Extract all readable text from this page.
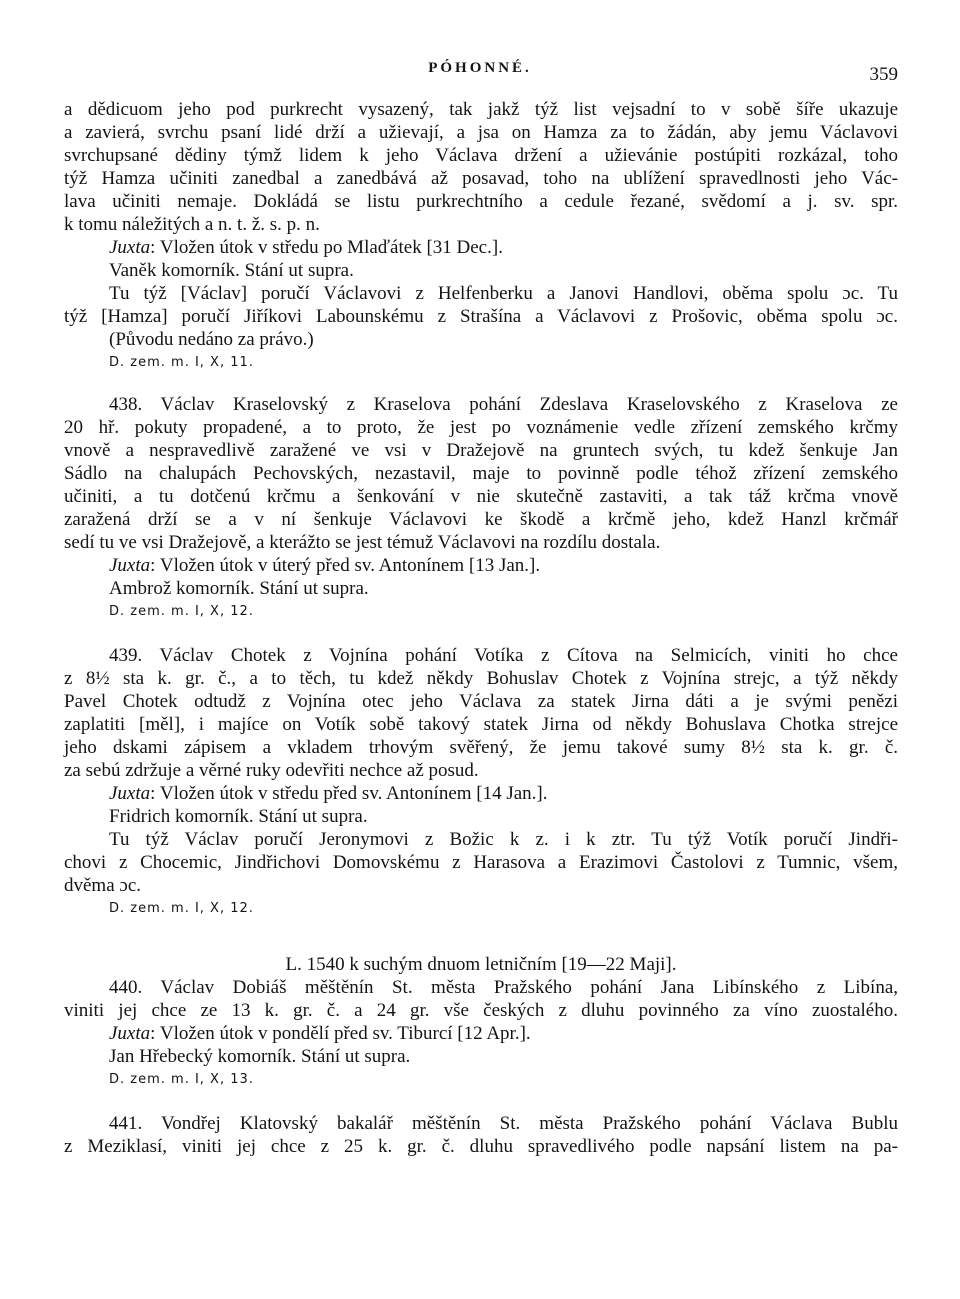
PÓHONNÉ.	359
a dědicuom jeho pod purkrecht vysazený, tak jakž týž list vejsadní to v sobě šíře ukazuje
a zavierá, svrchu psaní lidé drží a užievají, a jsa on Hamza za to žádán, aby jemu Václavovi
svrchupsané dědiny týmž lidem k jeho Václava držení a užievánie postúpiti rozkázal, toho
týž Hamza učiniti zanedbal a zanedbává až posavad, toho na ublížení spravedlnosti jeho Vác-
lava učiniti nemaje. Dokládá se listu purkrechtního a cedule řezané, svědomí a j. sv. spr.
k tomu náležitých a n. t. ž. s. p. n.
Juxta: Vložen útok v středu po Mlaďátek [31 Dec.].
Vaněk komorník. Stání ut supra.
Tu týž [Václav] poručí Václavovi z Helfenberku a Janovi Handlovi, oběma spolu ɔc. Tu
týž [Hamza] poručí Jiříkovi Labounskému z Strašína a Václavovi z Prošovic, oběma spolu ɔc.
(Původu nedáno za právo.)
D. zem. m. I, X, 11.
438. Václav Kraselovský z Kraselova pohání Zdeslava Kraselovského z Kraselova ze
20 hř. pokuty propadené, a to proto, že jest po voznámenie vedle zřízení zemského krčmy
vnově a nespravedlivě zaražené ve vsi v Dražejově na gruntech svých, tu kdež šenkuje Jan
Sádlo na chalupách Pechovských, nezastavil, maje to povinně podle téhož zřízení zemského
učiniti, a tu dotčenú krčmu a šenkování v nie skutečně zastaviti, a tak táž krčma vnově
zaražená drží se a v ní šenkuje Václavovi ke škodě a krčmě jeho, kdež Hanzl krčmář
sedí tu ve vsi Dražejově, a kterážto se jest témuž Václavovi na rozdílu dostala.
Juxta: Vložen útok v úterý před sv. Antonínem [13 Jan.].
Ambrož komorník. Stání ut supra.
D. zem. m. I, X, 12.
439. Václav Chotek z Vojnína pohání Votíka z Cítova na Selmicích, viniti ho chce
z 8½ sta k. gr. č., a to těch, tu kdež někdy Bohuslav Chotek z Vojnína strejc, a týž někdy
Pavel Chotek odtudž z Vojnína otec jeho Václava za statek Jirna dáti a je svými penězi
zaplatiti [měl], i majíce on Votík sobě takový statek Jirna od někdy Bohuslava Chotka strejce
jeho dskami zápisem a vkladem trhovým svěřený, že jemu takové sumy 8½ sta k. gr. č.
za sebú zdržuje a věrné ruky odevřiti nechce až posud.
Juxta: Vložen útok v středu před sv. Antonínem [14 Jan.].
Fridrich komorník. Stání ut supra.
Tu týž Václav poručí Jeronymovi z Božic k z. i k ztr. Tu týž Votík poručí Jindři-
chovi z Chocemic, Jindřichovi Domovskému z Harasova a Erazimovi Častolovi z Tumnic, všem,
dvěma ɔc.
D. zem. m. I, X, 12.
L. 1540 k suchým dnuom letničním [19—22 Maji].
440. Václav Dobiáš měštěnín St. města Pražského pohání Jana Libínského z Libína,
viniti jej chce ze 13 k. gr. č. a 24 gr. vše českých z dluhu povinného za víno zuostalého.
Juxta: Vložen útok v pondělí před sv. Tiburcí [12 Apr.].
Jan Hřebecký komorník. Stání ut supra.
D. zem. m. I, X, 13.
441. Vondřej Klatovský bakalář měštěnín St. města Pražského pohání Václava Bublu
z Meziklasí, viniti jej chce z 25 k. gr. č. dluhu spravedlivého podle napsání listem na pa-
